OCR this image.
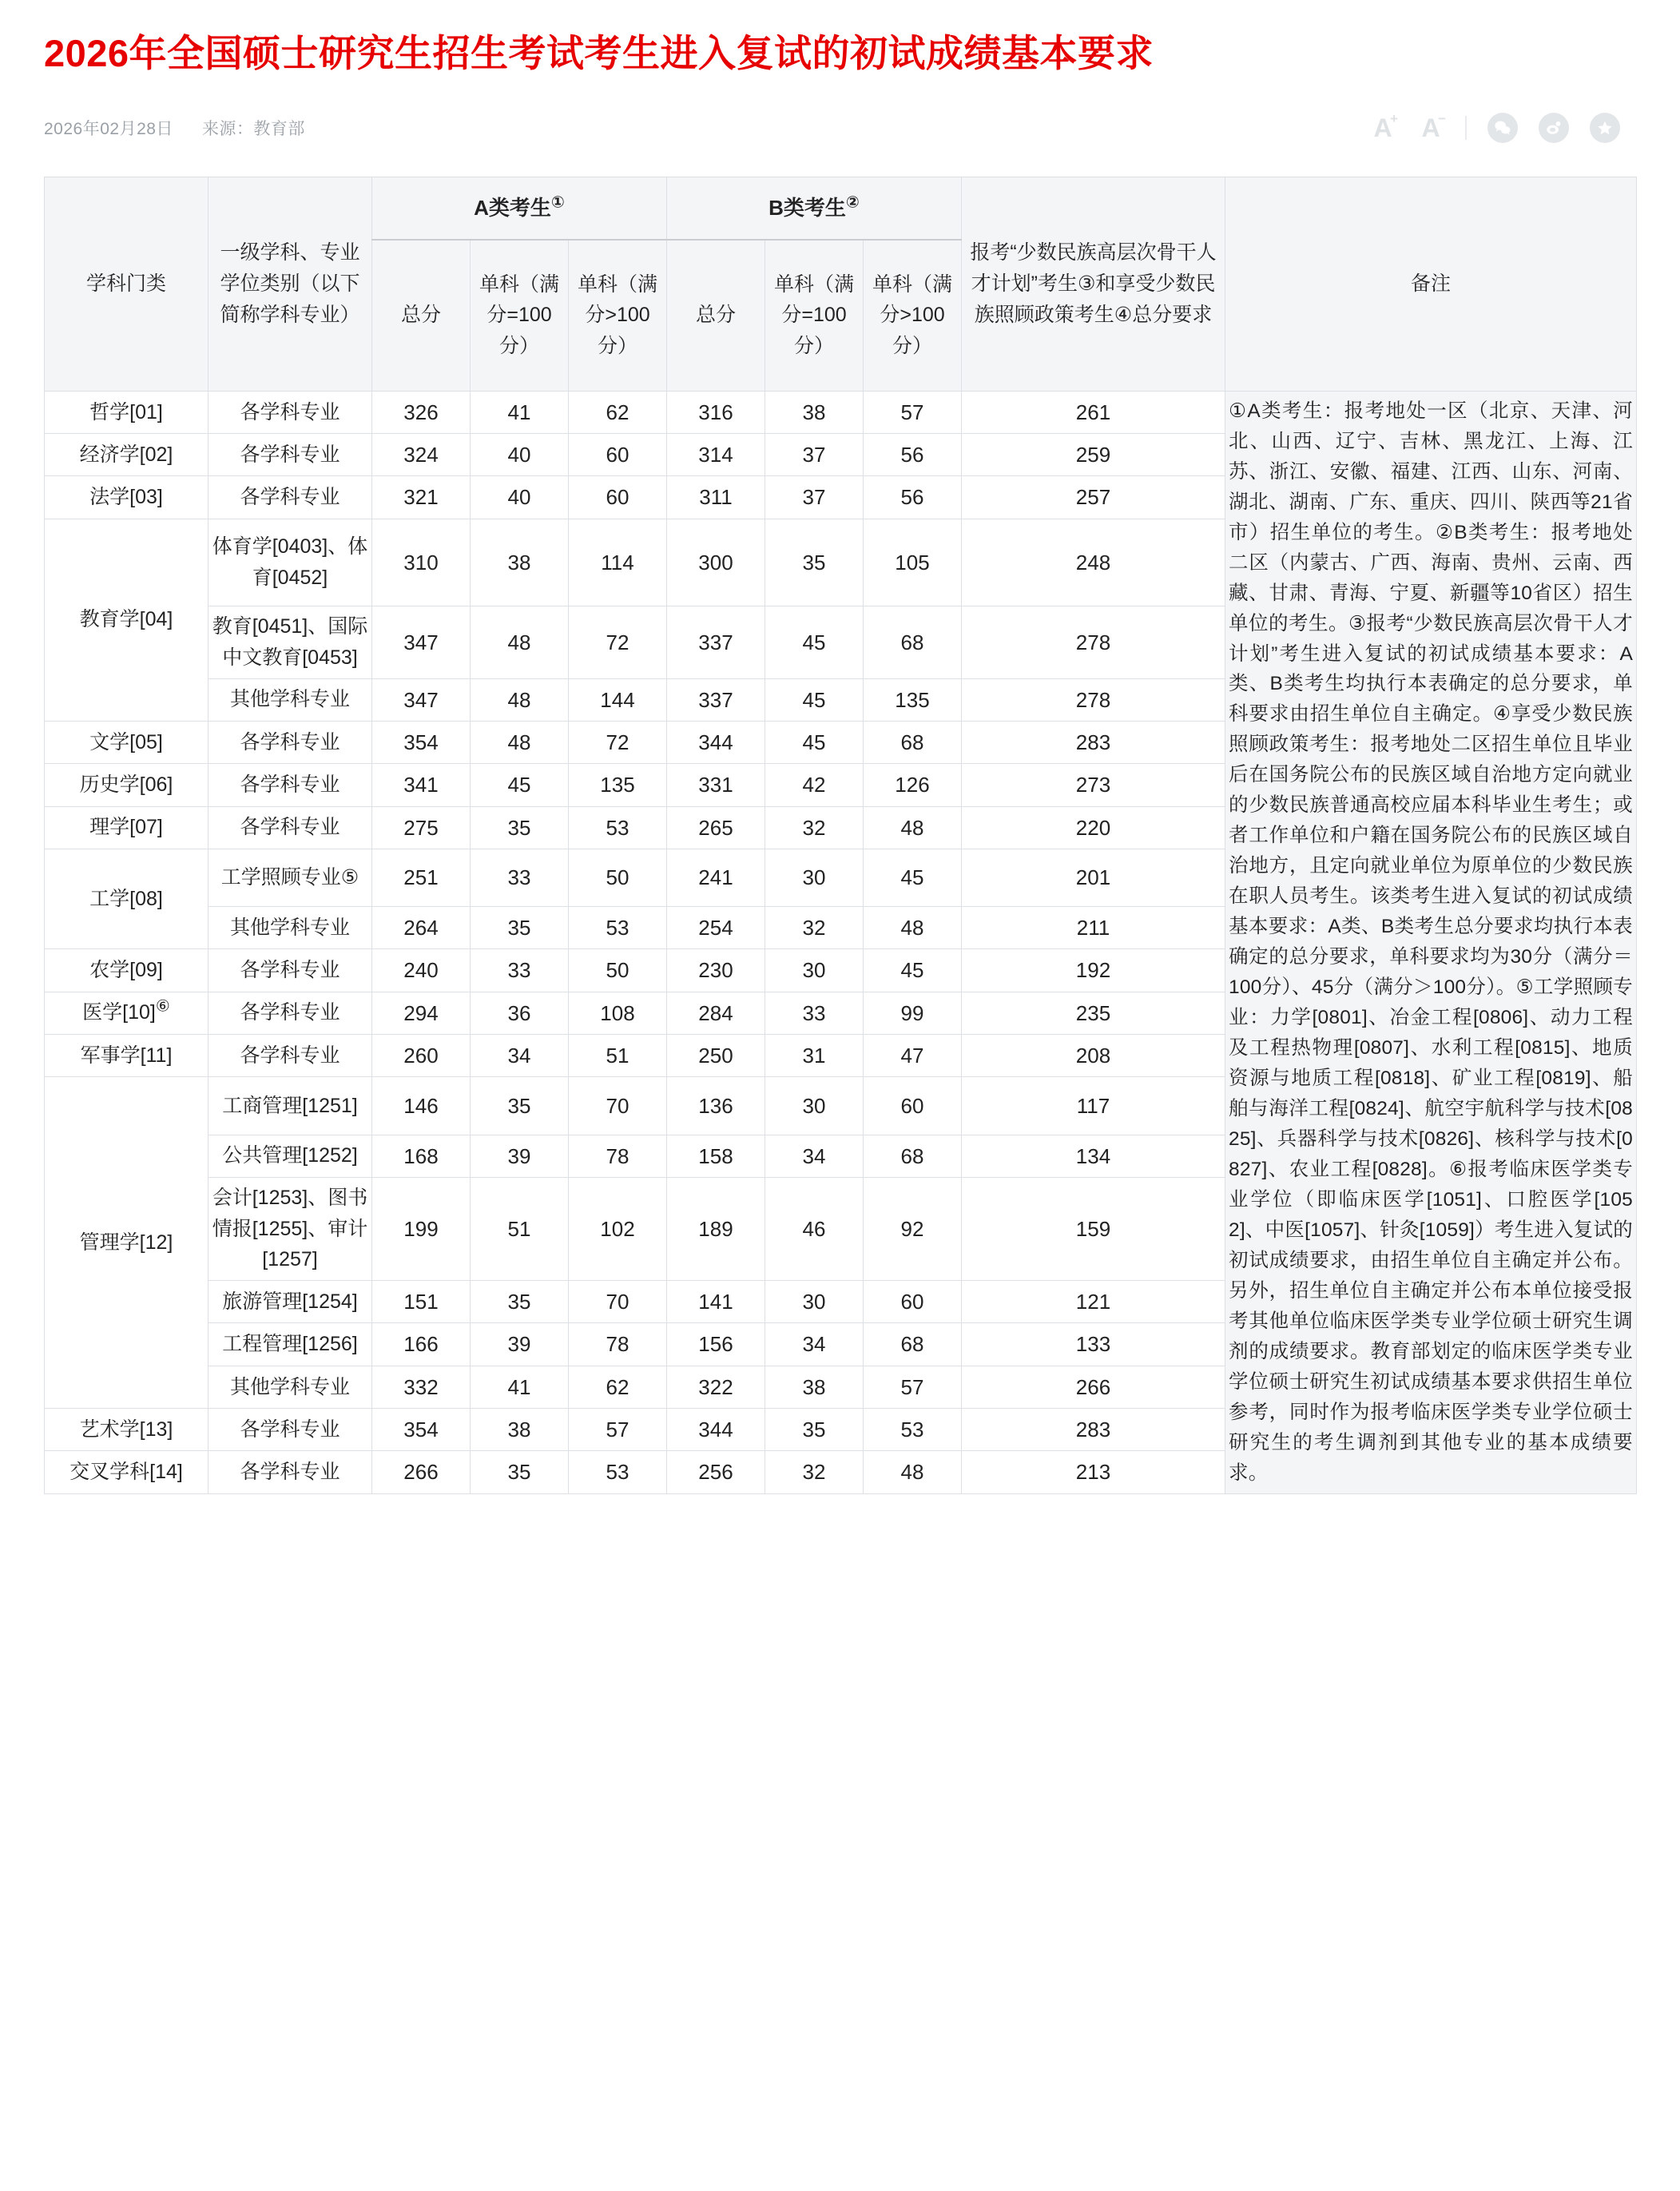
2026年全国硕士研究生招生考试考生进入复试的初试成绩基本要求
2026年02月28日 来源：教育部	A
+ A
−
学科门类	一级学科、专业学位类别（以下简称学科专业）	A类考生①			B类考生②			报考“少数民族高层次骨干人才计划”考生③和享受少数民族照顾政策考生④总分要求	备注
		总分	单科（满分=100分）	单科（满分>100分）	总分	单科（满分=100分）	单科（满分>100分）		
哲学[01]	各学科专业	326	41	62	316	38	57	261	①A类考生：报考地处一区（北京、天津、河北、山西、辽宁、吉林、黑龙江、上海、江苏、浙江、安徽、福建、江西、山东、河南、湖北、湖南、广东、重庆、四川、陕西等21省市）招生单位的考生。②B类考生：报考地处二区（内蒙古、广西、海南、贵州、云南、西藏、甘肃、青海、宁夏、新疆等10省区）招生单位的考生。③报考“少数民族高层次骨干人才计划”考生进入复试的初试成绩基本要求：A类、B类考生均执行本表确定的总分要求，单科要求由招生单位自主确定。④享受少数民族照顾政策考生：报考地处二区招生单位且毕业后在国务院公布的民族区域自治地方定向就业的少数民族普通高校应届本科毕业生考生；或者工作单位和户籍在国务院公布的民族区域自治地方，且定向就业单位为原单位的少数民族在职人员考生。该类考生进入复试的初试成绩基本要求：A类、B类考生总分要求均执行本表确定的总分要求，单科要求均为30分（满分＝100分）、45分（满分＞100分）。⑤工学照顾专业：力学[0801]、冶金工程[0806]、动力工程及工程热物理[0807]、水利工程[0815]、地质资源与地质工程[0818]、矿业工程[0819]、船舶与海洋工程[0824]、航空宇航科学与技术[0825]、兵器科学与技术[0826]、核科学与技术[0827]、农业工程[0828]。⑥报考临床医学类专业学位（即临床医学[1051]、口腔医学[1052]、中医[1057]、针灸[1059]）考生进入复试的初试成绩要求，由招生单位自主确定并公布。另外，招生单位自主确定并公布本单位接受报考其他单位临床医学类专业学位硕士研究生调剂的成绩要求。教育部划定的临床医学类专业学位硕士研究生初试成绩基本要求供招生单位参考，同时作为报考临床医学类专业学位硕士研究生的考生调剂到其他专业的基本成绩要求。

经济学[02]	各学科专业	324	40	60	314	37	56	259	
法学[03]	各学科专业	321	40	60	311	37	56	257	
教育学[04]	体育学[0403]、体育[0452]	310	38	114	300	35	105	248	
	教育[0451]、国际中文教育[0453]	347	48	72	337	45	68	278	
	其他学科专业	347	48	144	337	45	135	278	
文学[05]	各学科专业	354	48	72	344	45	68	283	
历史学[06]	各学科专业	341	45	135	331	42	126	273	
理学[07]	各学科专业	275	35	53	265	32	48	220	
工学[08]	工学照顾专业⑤	251	33	50	241	30	45	201	
	其他学科专业	264	35	53	254	32	48	211	
农学[09]	各学科专业	240	33	50	230	30	45	192	
医学[10]⑥	各学科专业	294	36	108	284	33	99	235	
军事学[11]	各学科专业	260	34	51	250	31	47	208	
管理学[12]	工商管理[1251]	146	35	70	136	30	60	117	
	公共管理[1252]	168	39	78	158	34	68	134	
	会计[1253]、图书情报[1255]、审计[1257]	199	51	102	189	46	92	159	
	旅游管理[1254]	151	35	70	141	30	60	121	
	工程管理[1256]	166	39	78	156	34	68	133	
	其他学科专业	332	41	62	322	38	57	266	
艺术学[13]	各学科专业	354	38	57	344	35	53	283	
交叉学科[14]	各学科专业	266	35	53	256	32	48	213	
